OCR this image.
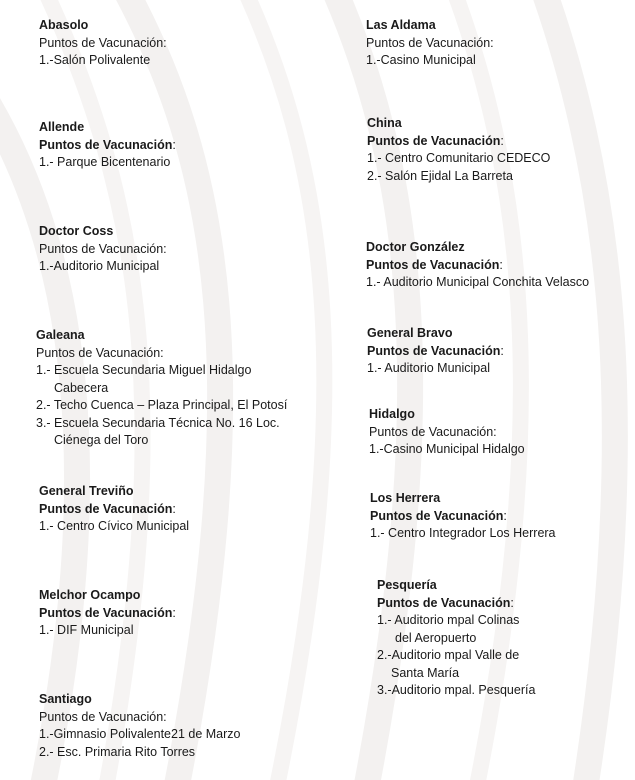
Abasolo
Puntos de Vacunación:
1.-Salón Polivalente
Allende
Puntos de Vacunación:
1.- Parque Bicentenario
Doctor Coss
Puntos de Vacunación:
1.-Auditorio Municipal
Galeana
Puntos de Vacunación:
1.- Escuela Secundaria Miguel Hidalgo
Cabecera
2.- Techo Cuenca – Plaza Principal, El Potosí
3.- Escuela Secundaria Técnica No. 16 Loc.
Ciénega del Toro
General Treviño
Puntos de Vacunación:
1.- Centro Cívico Municipal
Melchor Ocampo
Puntos de Vacunación:
1.- DIF Municipal
Santiago
Puntos de Vacunación:
1.-Gimnasio Polivalente21 de Marzo
2.- Esc. Primaria Rito Torres
Las Aldama
Puntos de Vacunación:
1.-Casino Municipal
China
Puntos de Vacunación:
1.- Centro Comunitario CEDECO
2.- Salón Ejidal La Barreta
Doctor González
Puntos de Vacunación:
1.- Auditorio Municipal Conchita Velasco
General Bravo
Puntos de Vacunación:
1.- Auditorio Municipal
Hidalgo
Puntos de Vacunación:
1.-Casino Municipal Hidalgo
Los Herrera
Puntos de Vacunación:
1.- Centro Integrador Los Herrera
Pesquería
Puntos de Vacunación:
1.- Auditorio mpal Colinas
del Aeropuerto
2.-Auditorio mpal Valle de
Santa María
3.-Auditorio mpal. Pesquería
